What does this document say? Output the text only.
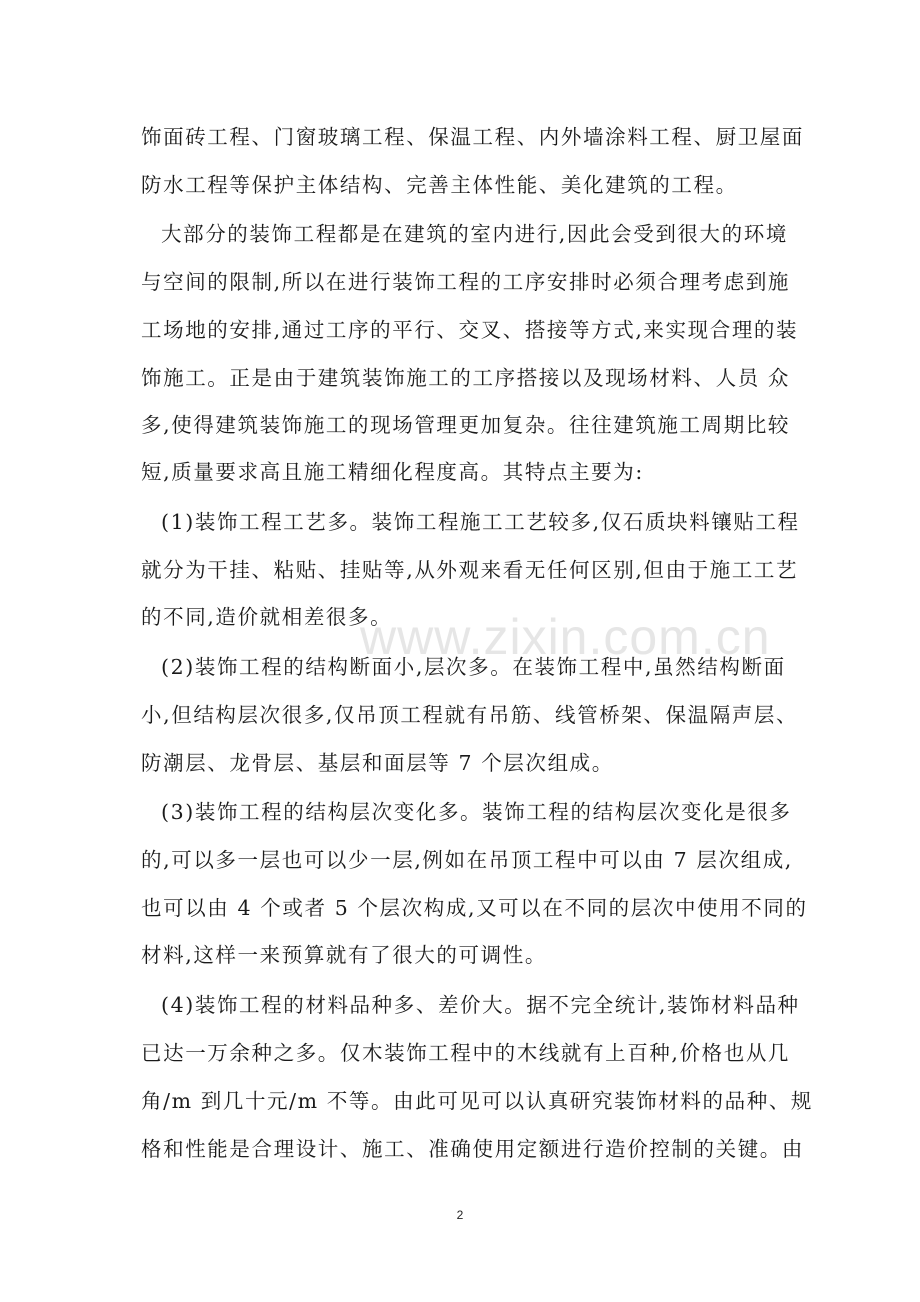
www.zixin.com.cn
饰面砖工程、门窗玻璃工程、保温工程、内外墙涂料工程、厨卫屋面
防水工程等保护主体结构、完善主体性能、美化建筑的工程。
大部分的装饰工程都是在建筑的室内进行,因此会受到很大的环境
与空间的限制,所以在进行装饰工程的工序安排时必须合理考虑到施
工场地的安排,通过工序的平行、交叉、搭接等方式,来实现合理的装
饰施工。正是由于建筑装饰施工的工序搭接以及现场材料、人员 众
多,使得建筑装饰施工的现场管理更加复杂。往往建筑施工周期比较
短,质量要求高且施工精细化程度高。其特点主要为:
(1)装饰工程工艺多。装饰工程施工工艺较多,仅石质块料镶贴工程
就分为干挂、粘贴、挂贴等,从外观来看无任何区别,但由于施工工艺
的不同,造价就相差很多。
(2)装饰工程的结构断面小,层次多。在装饰工程中,虽然结构断面
小,但结构层次很多,仅吊顶工程就有吊筋、线管桥架、保温隔声层、
防潮层、龙骨层、基层和面层等 7 个层次组成。
(3)装饰工程的结构层次变化多。装饰工程的结构层次变化是很多
的,可以多一层也可以少一层,例如在吊顶工程中可以由 7 层次组成,
也可以由 4 个或者 5 个层次构成,又可以在不同的层次中使用不同的
材料,这样一来预算就有了很大的可调性。
(4)装饰工程的材料品种多、差价大。据不完全统计,装饰材料品种
已达一万余种之多。仅木装饰工程中的木线就有上百种,价格也从几
角/m 到几十元/m 不等。由此可见可以认真研究装饰材料的品种、规
格和性能是合理设计、施工、准确使用定额进行造价控制的关键。由
2
